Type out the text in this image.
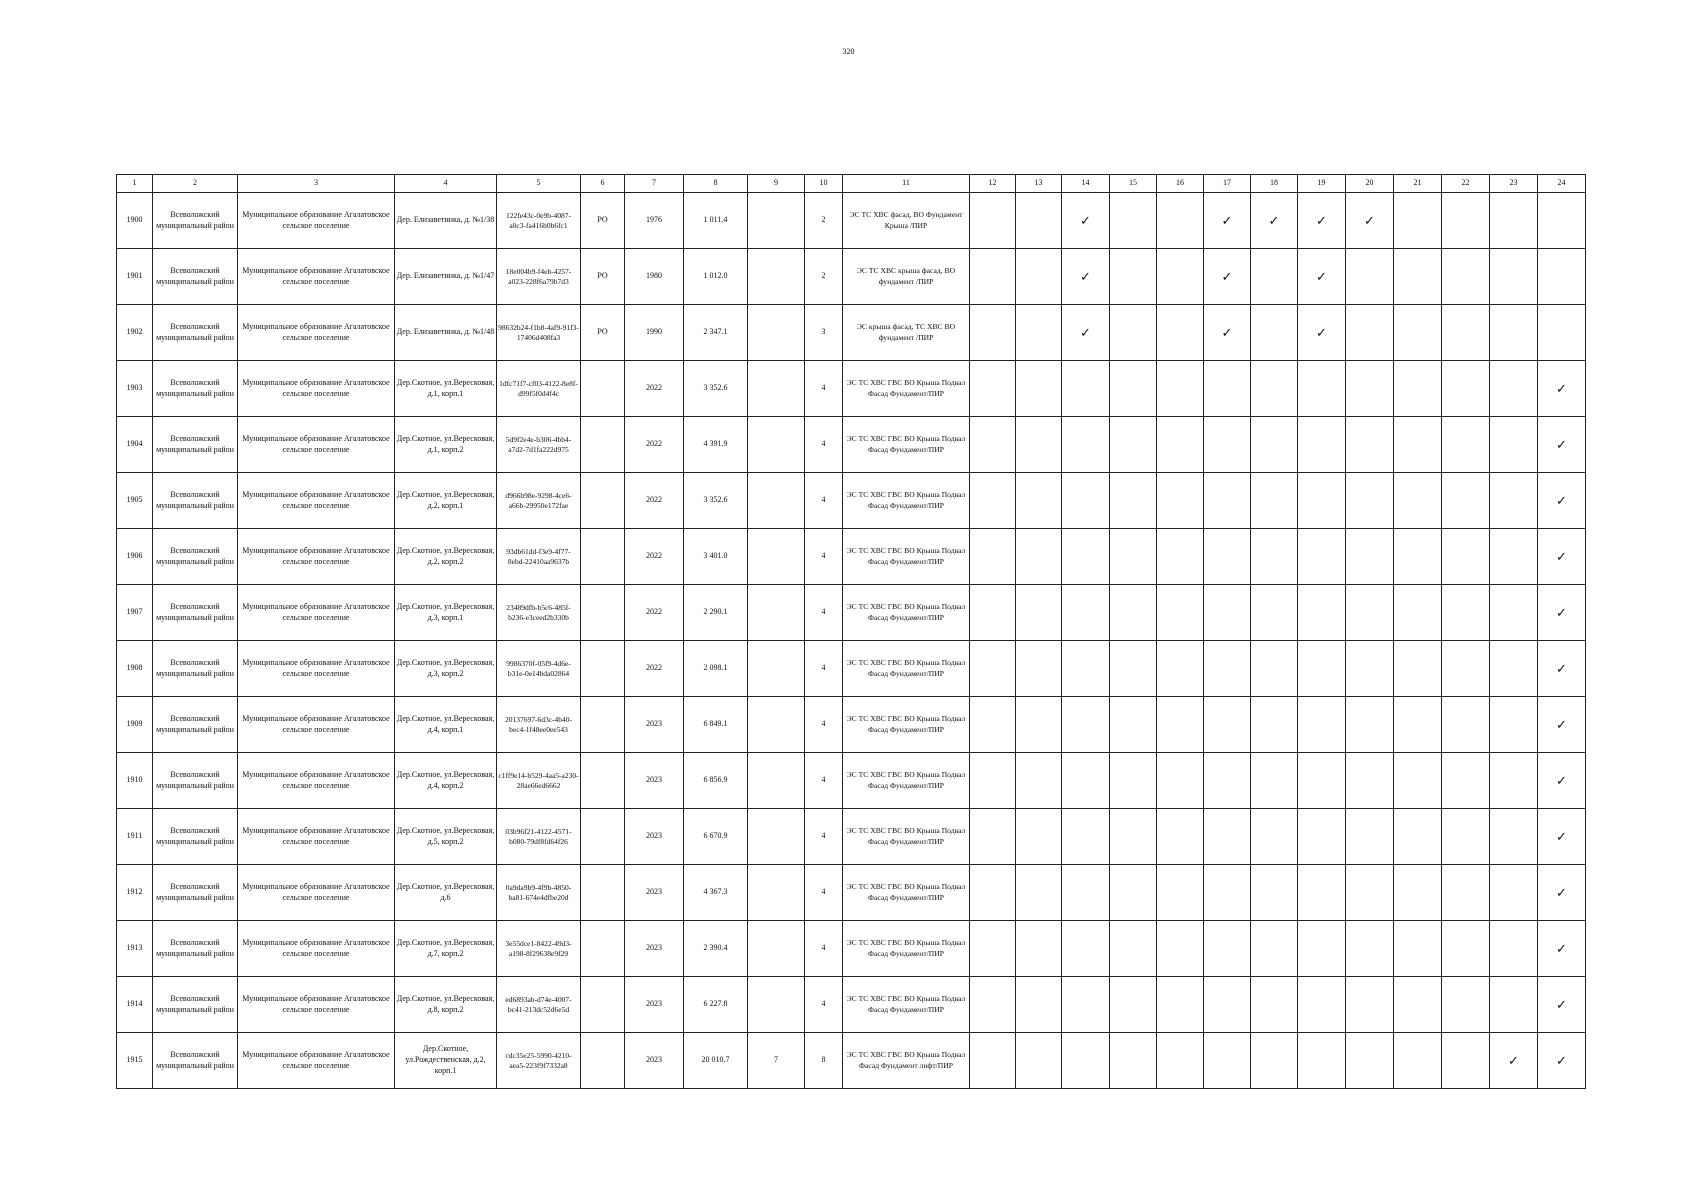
320
1	2	3	4	5	6	7	8	9	10	11	12	13	14	15	16	17	18	19	20	21	22	23	24
1900	Всеволожский муниципальный район	Муниципальное образование Агалатовское сельское поселение	Дер. Елизаветинка, д. №1/38	122fe43c-0e9b-4087-a0c3-fa416b0b6fc1	РО	1976	1 011.4		2	ЭС ТС ХВС фасад, ВО Фундамент Крыша /ПИР			✓			✓	✓	✓	✓				
1901	Всеволожский муниципальный район	Муниципальное образование Агалатовское сельское поселение	Дер. Елизаветинка, д. №1/47	18e004b9-f4eb-4257-a023-228f6a79b7d3	РО	1980	1 012.0		2	ЭС ТС ХВС крыша фасад, ВО фундамент /ПИР			✓			✓		✓					
1902	Всеволожский муниципальный район	Муниципальное образование Агалатовское сельское поселение	Дер. Елизаветинка, д. №1/48	98632b24-f1b8-4af9-91f3-17406d408fa3	РО	1990	2 347.1		3	ЭС крыша фасад, ТС ХВС ВО фундамент /ПИР			✓			✓		✓					
1903	Всеволожский муниципальный район	Муниципальное образование Агалатовское сельское поселение	Дер.Скотное, ул.Вересковая, д.1, корп.1	1dfc71f7-cf03-4122-8e8f-d99f5f0d4f4c		2022	3 352.6		4	ЭС ТС ХВС ГВС ВО Крыша Подвал Фасад Фундамент/ПИР													✓
1904	Всеволожский муниципальный район	Муниципальное образование Агалатовское сельское поселение	Дер.Скотное, ул.Вересковая, д.1, корп.2	5d9f2e4e-b306-4bb4-a7d2-7d1fa222d975		2022	4 391.9		4	ЭС ТС ХВС ГВС ВО Крыша Подвал Фасад Фундамент/ПИР													✓
1905	Всеволожский муниципальный район	Муниципальное образование Агалатовское сельское поселение	Дер.Скотное, ул.Вересковая, д.2, корп.1	d966b98e-9298-4ce6-a66b-29950e172fae		2022	3 352.6		4	ЭС ТС ХВС ГВС ВО Крыша Подвал Фасад Фундамент/ПИР													✓
1906	Всеволожский муниципальный район	Муниципальное образование Агалатовское сельское поселение	Дер.Скотное, ул.Вересковая, д.2, корп.2	93db61dd-f3e9-4f77-8ebd-22410aa9637b		2022	3 401.0		4	ЭС ТС ХВС ГВС ВО Крыша Подвал Фасад Фундамент/ПИР													✓
1907	Всеволожский муниципальный район	Муниципальное образование Агалатовское сельское поселение	Дер.Скотное, ул.Вересковая, д.3, корп.1	23489dfb-b5c6-485f-b236-e3ceed2b330b		2022	2 290.1		4	ЭС ТС ХВС ГВС ВО Крыша Подвал Фасад Фундамент/ПИР													✓
1908	Всеволожский муниципальный район	Муниципальное образование Агалатовское сельское поселение	Дер.Скотное, ул.Вересковая, д.3, корп.2	9986370f-05f9-4d6e-b31e-0e14bda02864		2022	2 098.1		4	ЭС ТС ХВС ГВС ВО Крыша Подвал Фасад Фундамент/ПИР													✓
1909	Всеволожский муниципальный район	Муниципальное образование Агалатовское сельское поселение	Дер.Скотное, ул.Вересковая, д.4, корп.1	20137697-6d3c-4b40-bec4-1f48ee0ee543		2023	6 849.1		4	ЭС ТС ХВС ГВС ВО Крыша Подвал Фасад Фундамент/ПИР													✓
1910	Всеволожский муниципальный район	Муниципальное образование Агалатовское сельское поселение	Дер.Скотное, ул.Вересковая, д.4, корп.2	c1ff9e14-b529-4aa5-a230-28ae66ed6662		2023	6 856.9		4	ЭС ТС ХВС ГВС ВО Крыша Подвал Фасад Фундамент/ПИР													✓
1911	Всеволожский муниципальный район	Муниципальное образование Агалатовское сельское поселение	Дер.Скотное, ул.Вересковая, д.5, корп.2	03b96f21-4122-4571-b080-79df8fd64f26		2023	6 670.9		4	ЭС ТС ХВС ГВС ВО Крыша Подвал Фасад Фундамент/ПИР													✓
1912	Всеволожский муниципальный район	Муниципальное образование Агалатовское сельское поселение	Дер.Скотное, ул.Вересковая, д.6	0a9da9b9-4f9b-4850-ba81-674e4dfbe20d		2023	4 367.3		4	ЭС ТС ХВС ГВС ВО Крыша Подвал Фасад Фундамент/ПИР													✓
1913	Всеволожский муниципальный район	Муниципальное образование Агалатовское сельское поселение	Дер.Скотное, ул.Вересковая, д.7, корп.2	3e55dce1-8422-49d3-a198-8f29638e9f29		2023	2 390.4		4	ЭС ТС ХВС ГВС ВО Крыша Подвал Фасад Фундамент/ПИР													✓
1914	Всеволожский муниципальный район	Муниципальное образование Агалатовское сельское поселение	Дер.Скотное, ул.Вересковая, д.8, корп.2	ed6893ab-d74e-4007-bc41-213dc52d6e5d		2023	6 227.8		4	ЭС ТС ХВС ГВС ВО Крыша Подвал Фасад Фундамент/ПИР													✓
1915	Всеволожский муниципальный район	Муниципальное образование Агалатовское сельское поселение	Дер.Скотное, ул.Рождественская, д.2, корп.1	cdc35e25-5990-4210-aea5-223f9f7332a8		2023	20 010.7	7	8	ЭС ТС ХВС ГВС ВО Крыша Подвал Фасад Фундамент лифт/ПИР												✓	✓
